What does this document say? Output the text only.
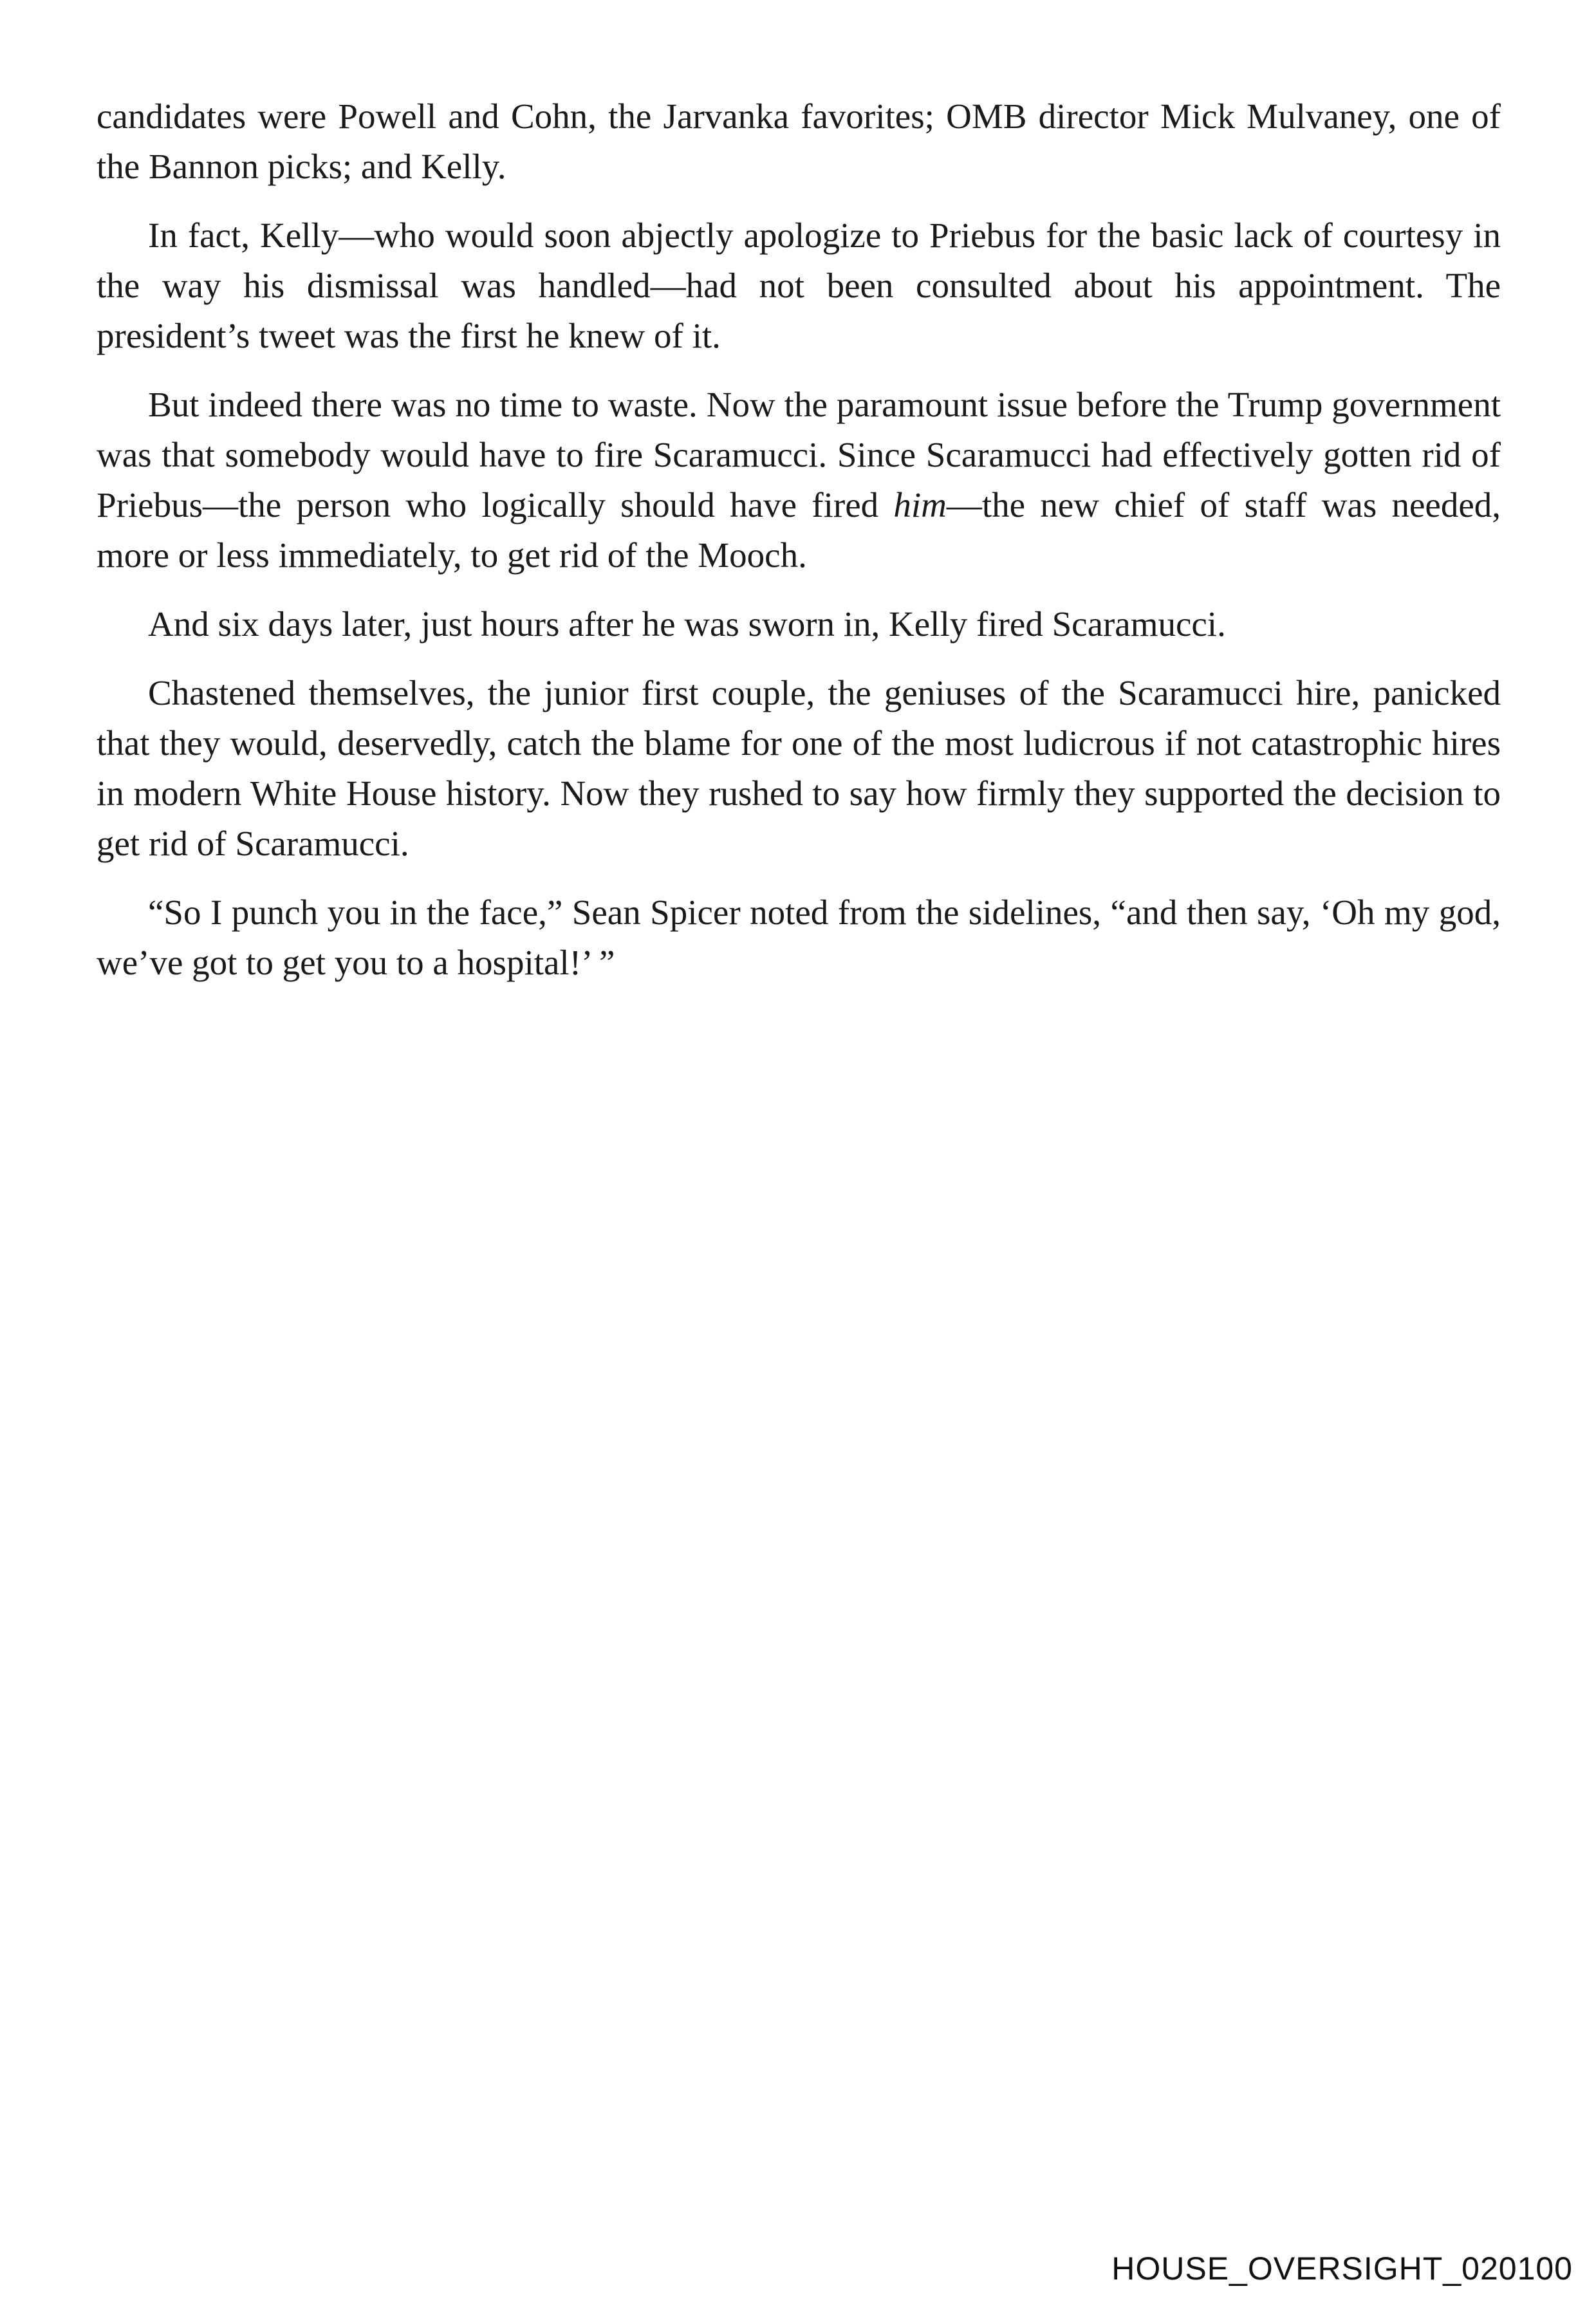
candidates were Powell and Cohn, the Jarvanka favorites; OMB director Mick Mulvaney, one of the Bannon picks; and Kelly.

In fact, Kelly—who would soon abjectly apologize to Priebus for the basic lack of courtesy in the way his dismissal was handled—had not been consulted about his appointment. The president’s tweet was the first he knew of it.

But indeed there was no time to waste. Now the paramount issue before the Trump government was that somebody would have to fire Scaramucci. Since Scaramucci had effectively gotten rid of Priebus—the person who logically should have fired him—the new chief of staff was needed, more or less immediately, to get rid of the Mooch.

And six days later, just hours after he was sworn in, Kelly fired Scaramucci.

Chastened themselves, the junior first couple, the geniuses of the Scaramucci hire, panicked that they would, deservedly, catch the blame for one of the most ludicrous if not catastrophic hires in modern White House history. Now they rushed to say how firmly they supported the decision to get rid of Scaramucci.

“So I punch you in the face,” Sean Spicer noted from the sidelines, “and then say, ‘Oh my god, we’ve got to get you to a hospital!’ ”

HOUSE_OVERSIGHT_020100
